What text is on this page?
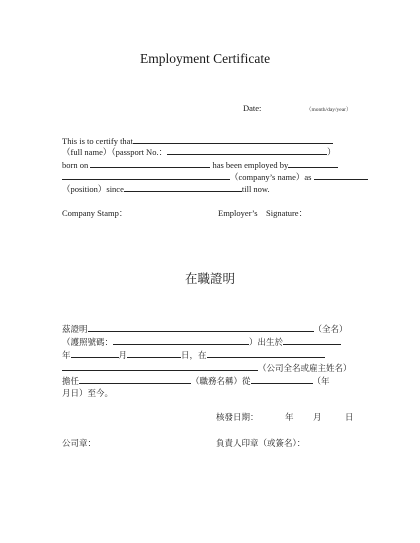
Employment Certificate
Date:	（month/day/year）
This is to certify that
（full name）（passport No.：	）
born on	has been employed by
（company’s name）as
（position）since	till now.
Company Stamp：	Employer’s　Signature：
在職證明
茲證明	（全名）
（護照號碼：	）出生於
年	月	日，在
（公司全名或雇主姓名）
擔任	（職務名稱）從	（年
月日）至今。
核發日期：	年 月	日
公司章：	負責人印章（或簽名）：
